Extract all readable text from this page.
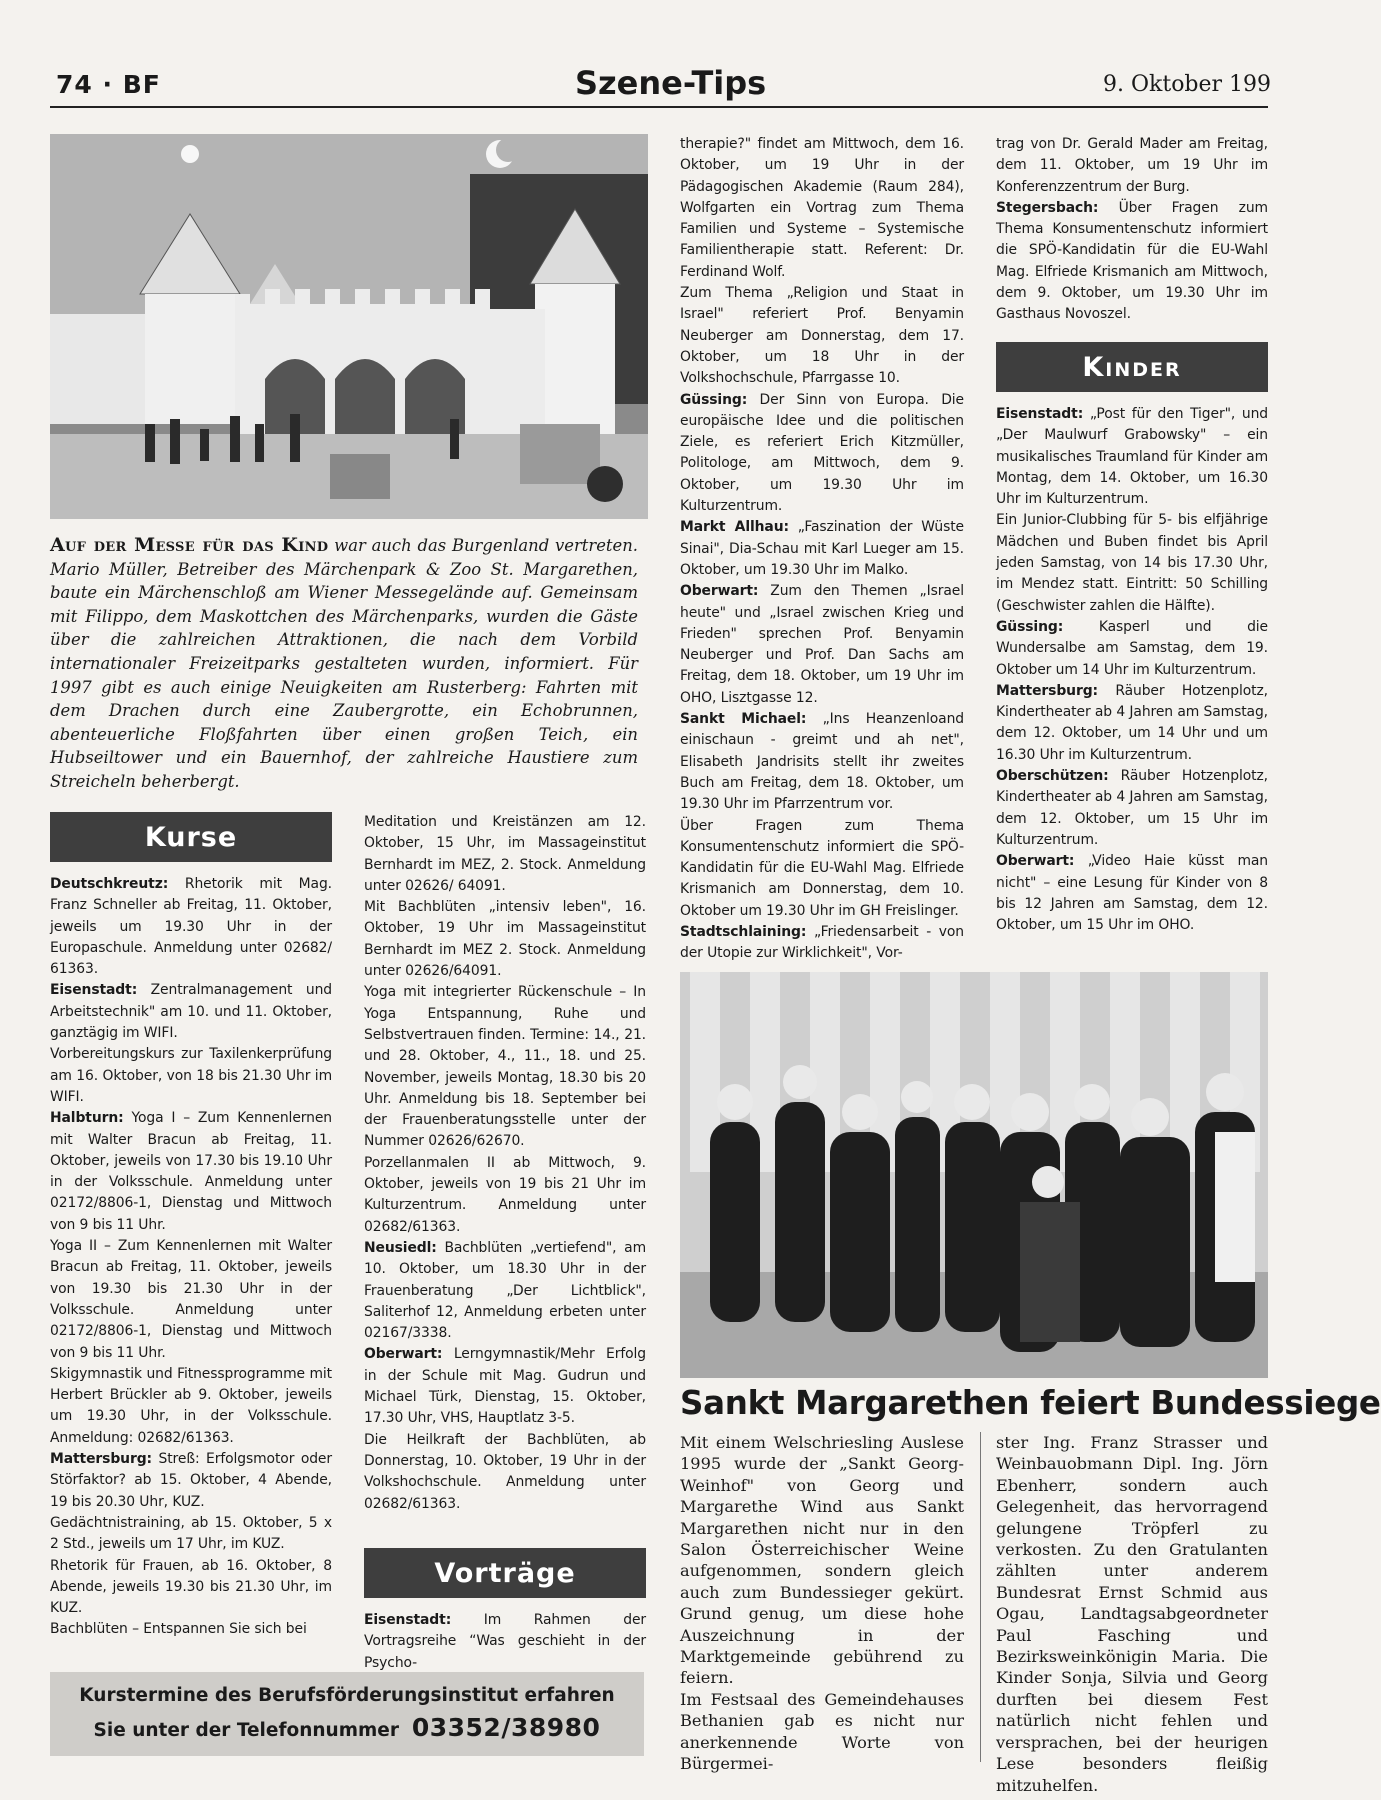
74 · BF	Szene-Tips	9. Oktober 199
Auf der Messe für das Kind war auch das Burgenland vertreten. Mario Müller, Betreiber des Märchenpark & Zoo St. Margarethen, baute ein Märchenschloß am Wiener Messegelände auf. Gemeinsam mit Filippo, dem Maskottchen des Märchenparks, wurden die Gäste über die zahlreichen Attraktionen, die nach dem Vorbild internationaler Freizeitparks gestalteten wurden, informiert. Für 1997 gibt es auch einige Neuigkeiten am Rusterberg: Fahrten mit dem Drachen durch eine Zaubergrotte, ein Echobrunnen, abenteuerliche Floßfahrten über einen großen Teich, ein Hubseiltower und ein Bauernhof, der zahlreiche Haustiere zum Streicheln beherbergt.
Kurse

Deutschkreutz: Rhetorik mit Mag. Franz Schneller ab Freitag, 11. Oktober, jeweils um 19.30 Uhr in der Europaschule. Anmeldung unter 02682/ 61363.

Eisenstadt: Zentralmanagement und Arbeitstechnik" am 10. und 11. Oktober, ganztägig im WIFI.

Vorbereitungskurs zur Taxilenkerprüfung am 16. Oktober, von 18 bis 21.30 Uhr im WIFI.

Halbturn: Yoga I – Zum Kennenlernen mit Walter Bracun ab Freitag, 11. Oktober, jeweils von 17.30 bis 19.10 Uhr in der Volksschule. Anmeldung unter 02172/8806-1, Dienstag und Mittwoch von 9 bis 11 Uhr.

Yoga II – Zum Kennenlernen mit Walter Bracun ab Freitag, 11. Oktober, jeweils von 19.30 bis 21.30 Uhr in der Volksschule. Anmeldung unter 02172/8806-1, Dienstag und Mittwoch von 9 bis 11 Uhr.

Skigymnastik und Fitnessprogramme mit Herbert Brückler ab 9. Oktober, jeweils um 19.30 Uhr, in der Volksschule. Anmeldung: 02682/61363.

Mattersburg: Streß: Erfolgsmotor oder Störfaktor? ab 15. Oktober, 4 Abende, 19 bis 20.30 Uhr, KUZ.

Gedächtnistraining, ab 15. Oktober, 5 x 2 Std., jeweils um 17 Uhr, im KUZ.

Rhetorik für Frauen, ab 16. Oktober, 8 Abende, jeweils 19.30 bis 21.30 Uhr, im KUZ.

Bachblüten – Entspannen Sie sich bei

Meditation und Kreistänzen am 12. Oktober, 15 Uhr, im Massageinstitut Bernhardt im MEZ, 2. Stock. Anmeldung unter 02626/ 64091.

Mit Bachblüten „intensiv leben", 16. Oktober, 19 Uhr im Massageinstitut Bernhardt im MEZ 2. Stock. Anmeldung unter 02626/64091.

Yoga mit integrierter Rückenschule – In Yoga Entspannung, Ruhe und Selbstvertrauen finden. Termine: 14., 21. und 28. Oktober, 4., 11., 18. und 25. November, jeweils Montag, 18.30 bis 20 Uhr. Anmeldung bis 18. September bei der Frauenberatungsstelle unter der Nummer 02626/62670.

Porzellanmalen II ab Mittwoch, 9. Oktober, jeweils von 19 bis 21 Uhr im Kulturzentrum. Anmeldung unter 02682/61363.

Neusiedl: Bachblüten „vertiefend", am 10. Oktober, um 18.30 Uhr in der Frauenberatung „Der Lichtblick", Saliterhof 12, Anmeldung erbeten unter 02167/3338.

Oberwart: Lerngymnastik/Mehr Erfolg in der Schule mit Mag. Gudrun und Michael Türk, Dienstag, 15. Oktober, 17.30 Uhr, VHS, Hauptlatz 3-5.

Die Heilkraft der Bachblüten, ab Donnerstag, 10. Oktober, 19 Uhr in der Volkshochschule. Anmeldung unter 02682/61363.

Vorträge

Eisenstadt: Im Rahmen der Vortragsreihe “Was geschieht in der Psycho-

therapie?" findet am Mittwoch, dem 16. Oktober, um 19 Uhr in der Pädagogischen Akademie (Raum 284), Wolfgarten ein Vortrag zum Thema Familien und Systeme – Systemische Familientherapie statt. Referent: Dr. Ferdinand Wolf.

Zum Thema „Religion und Staat in Israel" referiert Prof. Benyamin Neuberger am Donnerstag, dem 17. Oktober, um 18 Uhr in der Volkshochschule, Pfarrgasse 10.

Güssing: Der Sinn von Europa. Die europäische Idee und die politischen Ziele, es referiert Erich Kitzmüller, Politologe, am Mittwoch, dem 9. Oktober, um 19.30 Uhr im Kulturzentrum.

Markt Allhau: „Faszination der Wüste Sinai", Dia-Schau mit Karl Lueger am 15. Oktober, um 19.30 Uhr im Malko.

Oberwart: Zum den Themen „Israel heute" und „Israel zwischen Krieg und Frieden" sprechen Prof. Benyamin Neuberger und Prof. Dan Sachs am Freitag, dem 18. Oktober, um 19 Uhr im OHO, Lisztgasse 12.

Sankt Michael: „Ins Heanzenloand einischaun - greimt und ah net", Elisabeth Jandrisits stellt ihr zweites Buch am Freitag, dem 18. Oktober, um 19.30 Uhr im Pfarrzentrum vor.

Über Fragen zum Thema Konsumentenschutz informiert die SPÖ-Kandidatin für die EU-Wahl Mag. Elfriede Krismanich am Donnerstag, dem 10. Oktober um 19.30 Uhr im GH Freislinger.

Stadtschlaining: „Friedensarbeit - von der Utopie zur Wirklichkeit", Vor-

trag von Dr. Gerald Mader am Freitag, dem 11. Oktober, um 19 Uhr im Konferenzzentrum der Burg.

Stegersbach: Über Fragen zum Thema Konsumentenschutz informiert die SPÖ-Kandidatin für die EU-Wahl Mag. Elfriede Krismanich am Mittwoch, dem 9. Oktober, um 19.30 Uhr im Gasthaus Novoszel.

Kinder

Eisenstadt: „Post für den Tiger", und „Der Maulwurf Grabowsky" – ein musikalisches Traumland für Kinder am Montag, dem 14. Oktober, um 16.30 Uhr im Kulturzentrum.

Ein Junior-Clubbing für 5- bis elfjährige Mädchen und Buben findet bis April jeden Samstag, von 14 bis 17.30 Uhr, im Mendez statt. Eintritt: 50 Schilling (Geschwister zahlen die Hälfte).

Güssing: Kasperl und die Wundersalbe am Samstag, dem 19. Oktober um 14 Uhr im Kulturzentrum.

Mattersburg: Räuber Hotzenplotz, Kindertheater ab 4 Jahren am Samstag, dem 12. Oktober, um 14 Uhr und um 16.30 Uhr im Kulturzentrum.

Oberschützen: Räuber Hotzenplotz, Kindertheater ab 4 Jahren am Samstag, dem 12. Oktober, um 15 Uhr im Kulturzentrum.

Oberwart: „Video Haie küsst man nicht" – eine Lesung für Kinder von 8 bis 12 Jahren am Samstag, dem 12. Oktober, um 15 Uhr im OHO.

Kurstermine des Berufsförderungsinstitut erfahren
Sie unter der Telefonnummer 03352/38980
Sankt Margarethen feiert Bundessiege

Mit einem Welschriesling Auslese 1995 wurde der „Sankt Georg-Weinhof" von Georg und Margarethe Wind aus Sankt Margarethen nicht nur in den Salon Österreichischer Weine aufgenommen, sondern gleich auch zum Bundessieger gekürt. Grund genug, um diese hohe Auszeichnung in der Marktgemeinde gebührend zu feiern.

Im Festsaal des Gemeindehauses Bethanien gab es nicht nur anerkennende Worte von Bürgermei-

ster Ing. Franz Strasser und Weinbauobmann Dipl. Ing. Jörn Ebenherr, sondern auch Gelegenheit, das hervorragend gelungene Tröpferl zu verkosten. Zu den Gratulanten zählten unter anderem Bundesrat Ernst Schmid aus Ogau, Landtagsabgeordneter Paul Fasching und Bezirksweinkönigin Maria. Die Kinder Sonja, Silvia und Georg durften bei diesem Fest natürlich nicht fehlen und versprachen, bei der heurigen Lese besonders fleißig mitzuhelfen.
